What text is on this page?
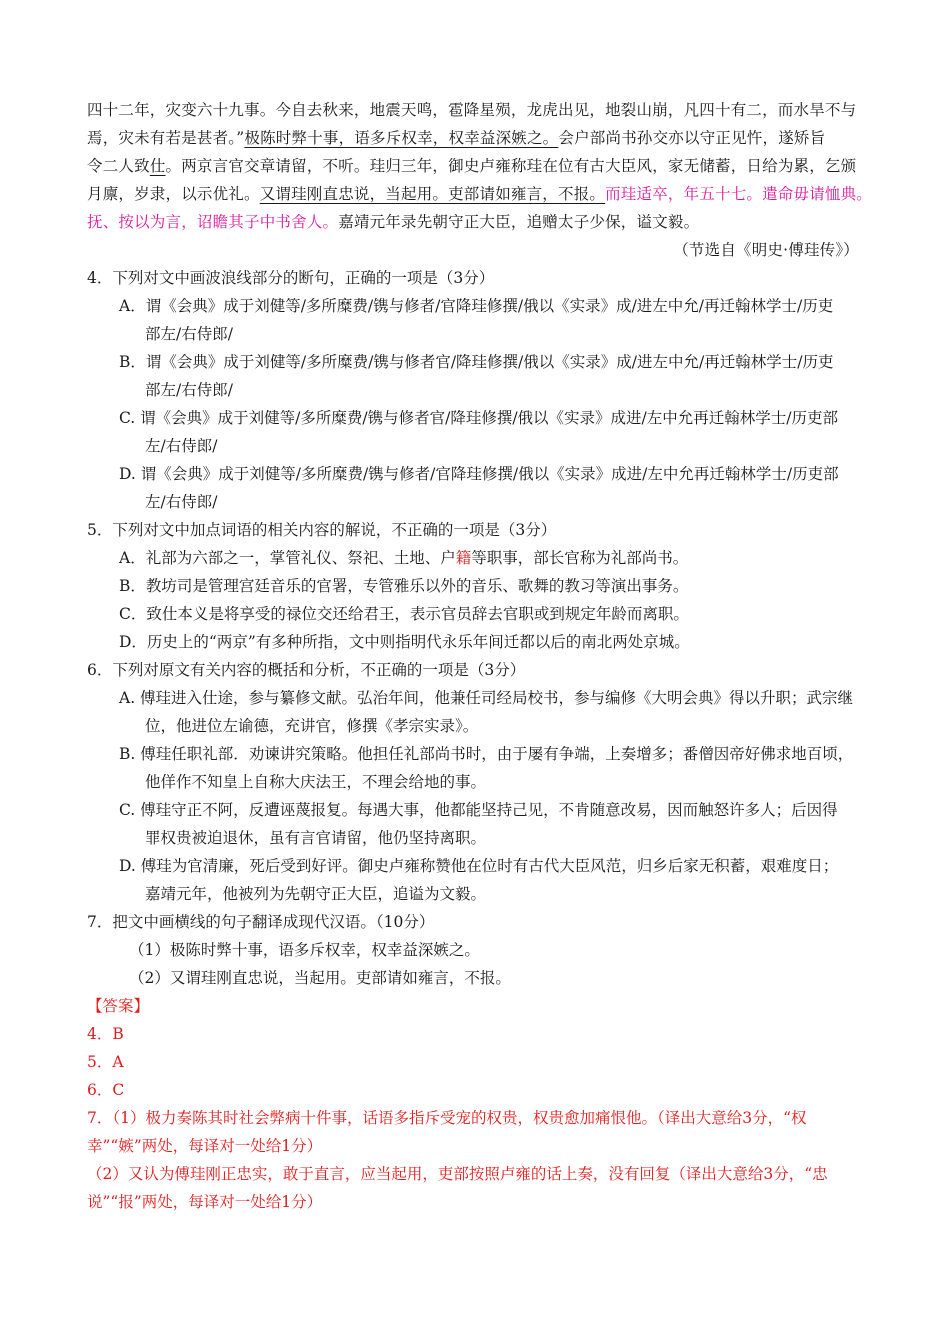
四十二年，灾变六十九事。今自去秋来，地震天鸣，雹降星殒，龙虎出见，地裂山崩，凡四十有二，而水旱不与
焉，灾未有若是甚者。”极陈时弊十事，语多斥权幸，权幸益深嫉之。会户部尚书孙交亦以守正见忤，遂矫旨
令二人致仕。两京言官交章请留，不听。珪归三年，御史卢雍称珪在位有古大臣风，家无储蓄，日给为累，乞颁
月廪，岁隶，以示优礼。又谓珪刚直忠说，当起用。吏部请如雍言，不报。而珪适卒，年五十七。遣命毋请恤典。
抚、按以为言，诏瞻其子中书舍人。嘉靖元年录先朝守正大臣，追赠太子少保，谥文毅。
（节选自《明史·傅珪传》）
4．下列对文中画波浪线部分的断句，正确的一项是（3分）
A．谓《会典》成于刘健等/多所糜费/镌与修者/官降珪修撰/俄以《实录》成/进左中允/再迁翰林学士/历吏
部左/右侍郎/
B．谓《会典》成于刘健等/多所糜费/镌与修者官/降珪修撰/俄以《实录》成/进左中允/再迁翰林学士/历吏
部左/右侍郎/
C. 谓《会典》成于刘健等/多所糜费/镌与修者官/降珪修撰/俄以《实录》成进/左中允再迁翰林学士/历吏部
左/右侍郎/
D. 谓《会典》成于刘健等/多所糜费/镌与修者/官降珪修撰/俄以《实录》成进/左中允再迁翰林学士/历吏部
左/右侍郎/
5．下列对文中加点词语的相关内容的解说，不正确的一项是（3分）
A．礼部为六部之一，掌管礼仪、祭祀、土地、户籍等职事，部长官称为礼部尚书。
B．教坊司是管理宫廷音乐的官署，专管雅乐以外的音乐、歌舞的教习等演出事务。
C．致仕本义是将享受的禄位交还给君王，表示官员辞去官职或到规定年龄而离职。
D．历史上的“两京”有多种所指，文中则指明代永乐年间迁都以后的南北两处京城。
6．下列对原文有关内容的概括和分析，不正确的一项是（3分）
A. 傅珪进入仕途，参与纂修文献。弘治年间，他兼任司经局校书，参与编修《大明会典》得以升职；武宗继
位，他进位左谕德，充讲官，修撰《孝宗实录》。
B. 傅珪任职礼部．劝谏讲究策略。他担任礼部尚书时，由于屡有争端，上奏增多；番僧因帝好佛求地百顷，
他佯作不知皇上自称大庆法王，不理会给地的事。
C. 傅珪守正不阿，反遭诬蔑报复。每遇大事，他都能坚持己见，不肯随意改易，因而触怒许多人；后因得
罪权贵被迫退休，虽有言官请留，他仍坚持离职。
D. 傅珪为官清廉，死后受到好评。御史卢雍称赞他在位时有古代大臣风范，归乡后家无积蓄，艰难度日；
嘉靖元年，他被列为先朝守正大臣，追谥为文毅。
7．把文中画横线的句子翻译成现代汉语。（10分）
（1）极陈时弊十事，语多斥权幸，权幸益深嫉之。
（2）又谓珪刚直忠说，当起用。吏部请如雍言，不报。
【答案】
4．B
5．A
6．C
7．（1）极力奏陈其时社会弊病十件事，话语多指斥受宠的权贵，权贵愈加痛恨他。（译出大意给3分，“权
幸”“嫉”两处，每译对一处给1分）
（2）又认为傅珪刚正忠实，敢于直言，应当起用，吏部按照卢雍的话上奏，没有回复（译出大意给3分，“忠
说”“报”两处，每译对一处给1分）
